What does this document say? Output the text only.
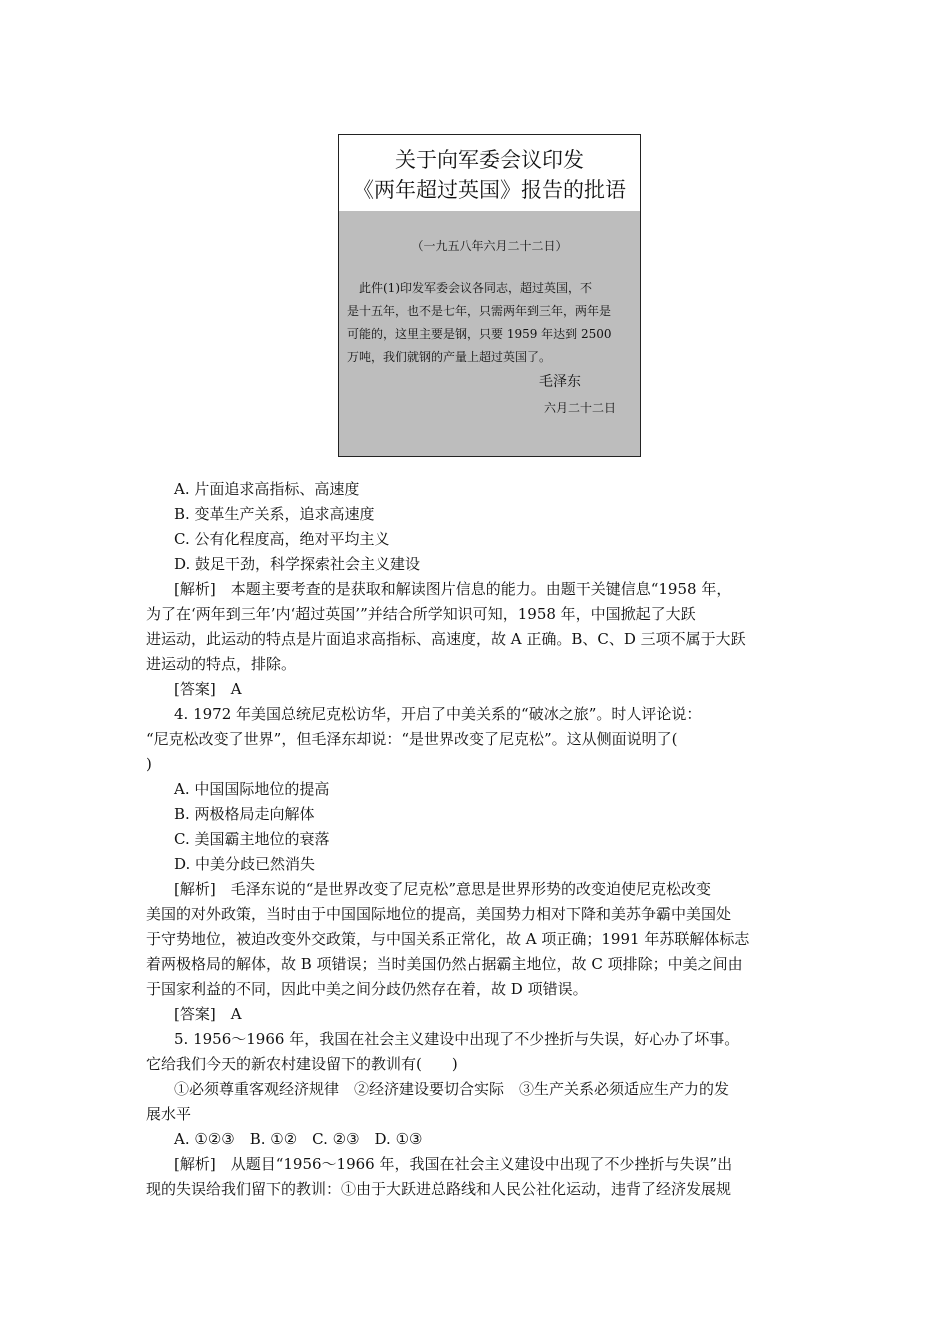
关于向军委会议印发
《两年超过英国》报告的批语
（一九五八年六月二十二日）

　此件(1)印发军委会议各同志，超过英国，不

是十五年，也不是七年，只需两年到三年，两年是

可能的，这里主要是钢，只要 1959 年达到 2500

万吨，我们就钢的产量上超过英国了。

毛泽东
六月二十二日
A. 片面追求高指标、高速度
B. 变革生产关系，追求高速度
C. 公有化程度高，绝对平均主义
D. 鼓足干劲，科学探索社会主义建设
[解析]　本题主要考查的是获取和解读图片信息的能力。由题干关键信息“1958 年，
为了在‘两年到三年’内‘超过英国’”并结合所学知识可知，1958 年，中国掀起了大跃
进运动，此运动的特点是片面追求高指标、高速度，故 A 正确。B、C、D 三项不属于大跃
进运动的特点，排除。
[答案]　A
4. 1972 年美国总统尼克松访华，开启了中美关系的“破冰之旅”。时人评论说：
“尼克松改变了世界”，但毛泽东却说：“是世界改变了尼克松”。这从侧面说明了(
)
A. 中国国际地位的提高
B. 两极格局走向解体
C. 美国霸主地位的衰落
D. 中美分歧已然消失
[解析]　毛泽东说的“是世界改变了尼克松”意思是世界形势的改变迫使尼克松改变
美国的对外政策，当时由于中国国际地位的提高，美国势力相对下降和美苏争霸中美国处
于守势地位，被迫改变外交政策，与中国关系正常化，故 A 项正确；1991 年苏联解体标志
着两极格局的解体，故 B 项错误；当时美国仍然占据霸主地位，故 C 项排除；中美之间由
于国家利益的不同，因此中美之间分歧仍然存在着，故 D 项错误。
[答案]　A
5. 1956～1966 年，我国在社会主义建设中出现了不少挫折与失误，好心办了坏事。
它给我们今天的新农村建设留下的教训有(　　)
①必须尊重客观经济规律　②经济建设要切合实际　③生产关系必须适应生产力的发
展水平
A. ①②③　B. ①②　C. ②③　D. ①③
[解析]　从题目“1956～1966 年，我国在社会主义建设中出现了不少挫折与失误”出
现的失误给我们留下的教训：①由于大跃进总路线和人民公社化运动，违背了经济发展规
